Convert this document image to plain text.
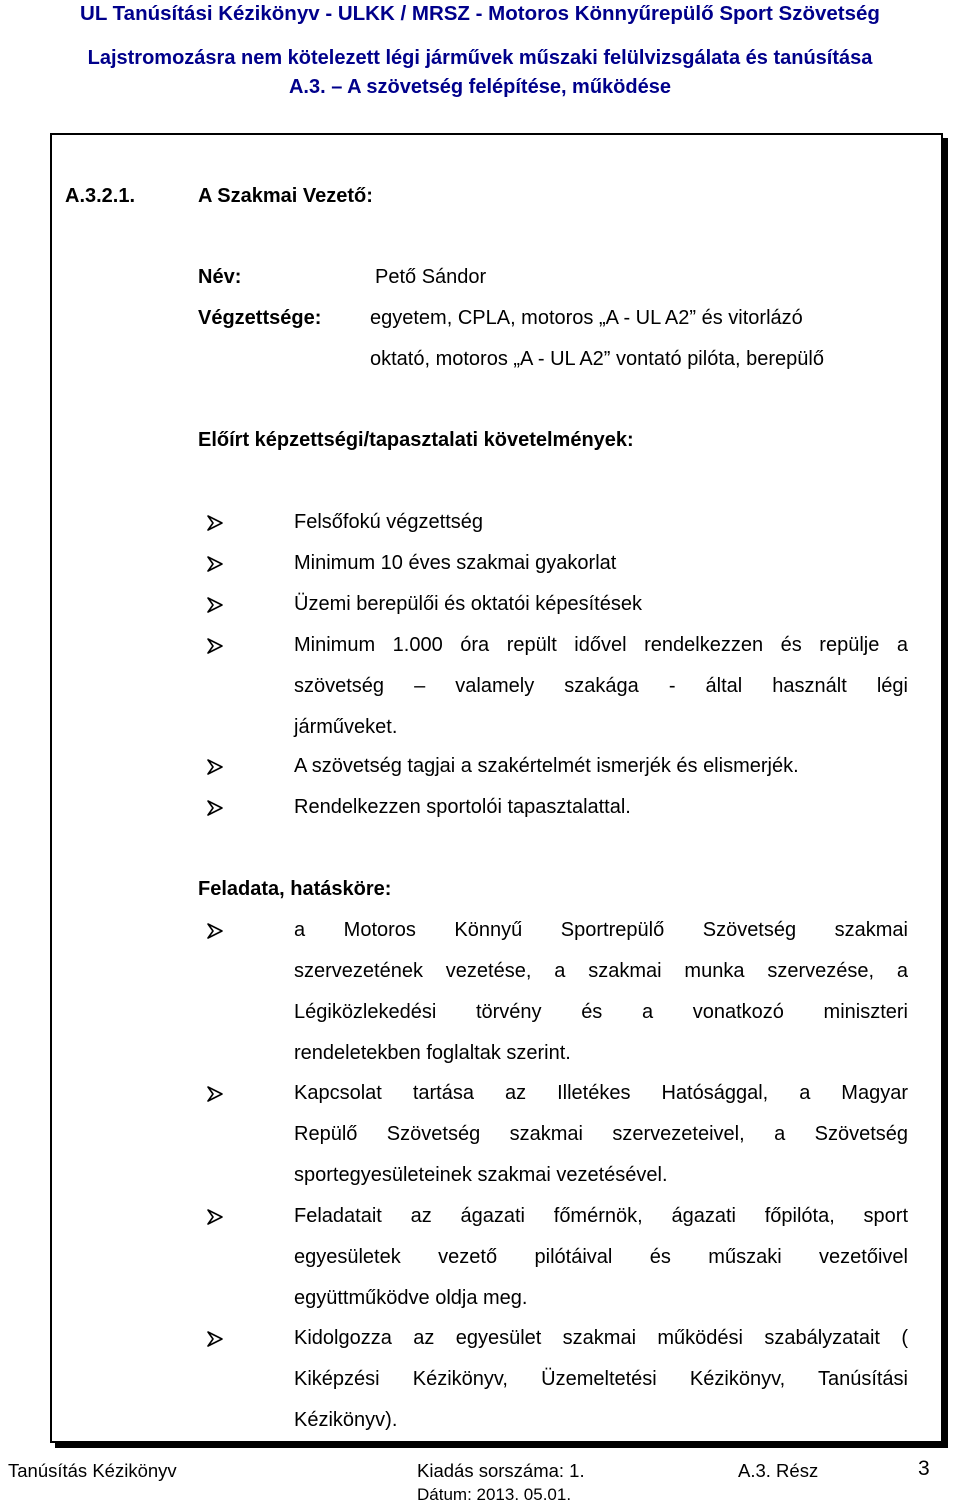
UL Tanúsítási Kézikönyv - ULKK / MRSZ - Motoros Könnyűrepülő Sport Szövetség
Lajstromozásra nem kötelezett légi járművek műszaki felülvizsgálata és tanúsítása
A.3. – A szövetség felépítése, működése
A.3.2.1.	A Szakmai Vezető:
Név:	Pető Sándor
Végzettsége: egyetem, CPLA, motoros „A - UL A2” és vitorlázó
oktató, motoros „A - UL A2” vontató pilóta, berepülő
Előírt képzettségi/tapasztalati követelmények:
Felsőfokú végzettség
Minimum 10 éves szakmai gyakorlat
Üzemi berepülői és oktatói képesítések
Minimum 1.000 óra repült idővel rendelkezzen és repülje a
szövetség – valamely szakága - által használt légi
járműveket.
A szövetség tagjai a szakértelmét ismerjék és elismerjék.
Rendelkezzen sportolói tapasztalattal.
Feladata, hatásköre:
a Motoros Könnyű Sportrepülő Szövetség szakmai
szervezetének vezetése, a szakmai munka szervezése, a
Légiközlekedési törvény és a vonatkozó miniszteri
rendeletekben foglaltak szerint.
Kapcsolat tartása az Illetékes Hatósággal, a Magyar
Repülő Szövetség szakmai szervezeteivel, a Szövetség
sportegyesületeinek szakmai vezetésével.
Feladatait az ágazati főmérnök, ágazati főpilóta, sport
egyesületek vezető pilótáival és műszaki vezetőivel
együttműködve oldja meg.
Kidolgozza az egyesület szakmai működési szabályzatait (
Kiképzési Kézikönyv, Üzemeltetési Kézikönyv, Tanúsítási
Kézikönyv).
Tanúsítás Kézikönyv	Kiadás sorszáma: 1.
Dátum: 2013. 05.01.
A.3. Rész	3
